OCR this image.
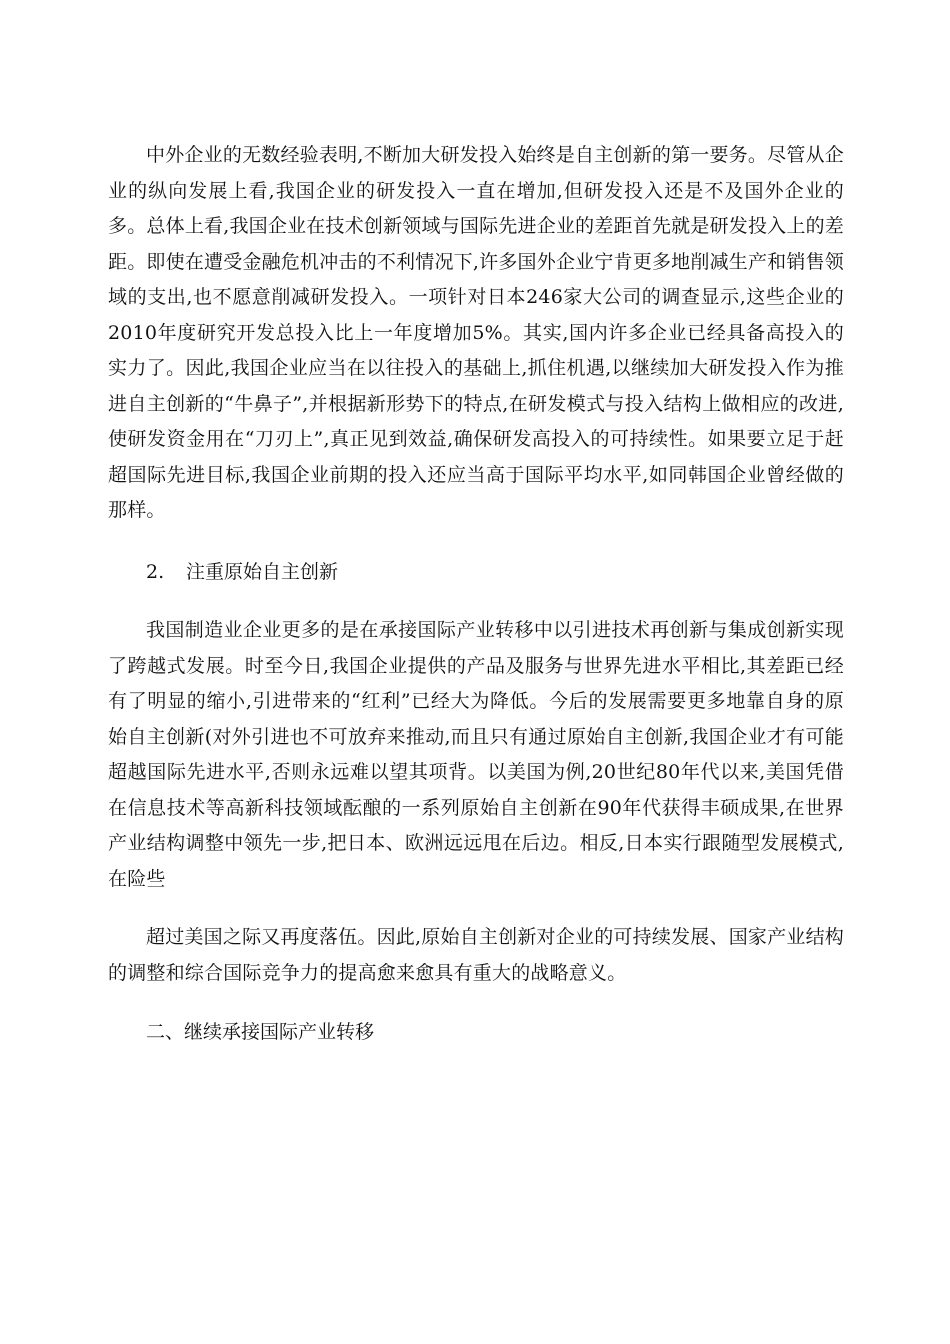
中外企业的无数经验表明,不断加大研发投入始终是自主创新的第一要务。尽管从企业的纵向发展上看,我国企业的研发投入一直在增加,但研发投入还是不及国外企业的多。总体上看,我国企业在技术创新领域与国际先进企业的差距首先就是研发投入上的差距。即使在遭受金融危机冲击的不利情况下,许多国外企业宁肯更多地削减生产和销售领域的支出,也不愿意削减研发投入。一项针对日本246家大公司的调查显示,这些企业的2010年度研究开发总投入比上一年度增加5%。其实,国内许多企业已经具备高投入的实力了。因此,我国企业应当在以往投入的基础上,抓住机遇,以继续加大研发投入作为推进自主创新的“牛鼻子”,并根据新形势下的特点,在研发模式与投入结构上做相应的改进,使研发资金用在“刀刃上”,真正见到效益,确保研发高投入的可持续性。如果要立足于赶超国际先进目标,我国企业前期的投入还应当高于国际平均水平,如同韩国企业曾经做的那样。

2. 注重原始自主创新

我国制造业企业更多的是在承接国际产业转移中以引进技术再创新与集成创新实现了跨越式发展。时至今日,我国企业提供的产品及服务与世界先进水平相比,其差距已经有了明显的缩小,引进带来的“红利”已经大为降低。今后的发展需要更多地靠自身的原始自主创新(对外引进也不可放弃来推动,而且只有通过原始自主创新,我国企业才有可能超越国际先进水平,否则永远难以望其项背。以美国为例,20世纪80年代以来,美国凭借在信息技术等高新科技领域酝酿的一系列原始自主创新在90年代获得丰硕成果,在世界产业结构调整中领先一步,把日本、欧洲远远甩在后边。相反,日本实行跟随型发展模式,在险些

超过美国之际又再度落伍。因此,原始自主创新对企业的可持续发展、国家产业结构的调整和综合国际竞争力的提高愈来愈具有重大的战略意义。

二、继续承接国际产业转移
